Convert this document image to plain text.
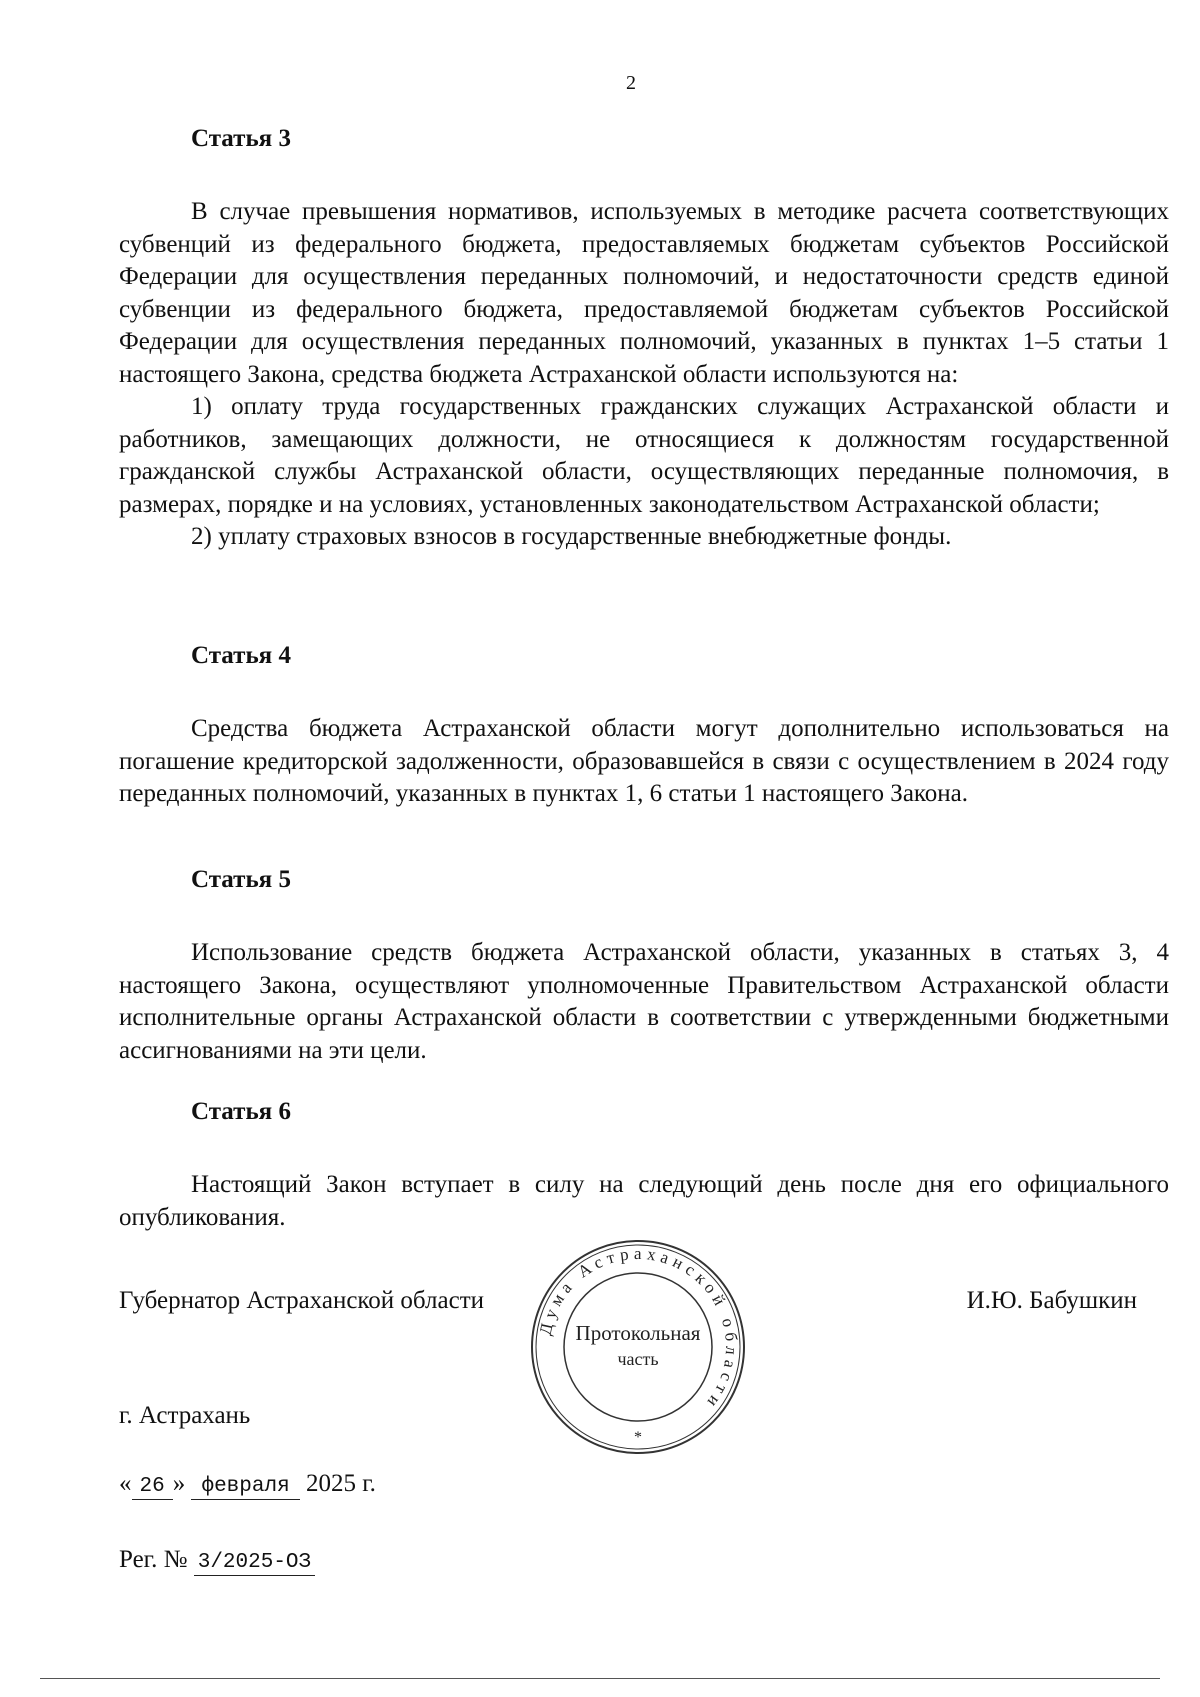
2
Статья 3

В случае превышения нормативов, используемых в методике расчета соответствующих субвенций из федерального бюджета, предоставляемых бюджетам субъектов Российской Федерации для осуществления переданных полномочий, и недостаточности средств единой субвенции из федерального бюджета, предоставляемой бюджетам субъектов Российской Федерации для осуществления переданных полномочий, указанных в пунктах 1–5 статьи 1 настоящего Закона, средства бюджета Астраханской области используются на:

1) оплату труда государственных гражданских служащих Астраханской области и работников, замещающих должности, не относящиеся к должностям государственной гражданской службы Астраханской области, осуществляющих переданные полномочия, в размерах, порядке и на условиях, установленных законодательством Астраханской области;

2) уплату страховых взносов в государственные внебюджетные фонды.

Статья 4

Средства бюджета Астраханской области могут дополнительно использоваться на погашение кредиторской задолженности, образовавшейся в связи с осуществлением в 2024 году переданных полномочий, указанных в пунктах 1, 6 статьи 1 настоящего Закона.

Статья 5

Использование средств бюджета Астраханской области, указанных в статьях 3, 4 настоящего Закона, осуществляют уполномоченные Правительством Астраханской области исполнительные органы Астраханской области в соответствии с утвержденными бюджетными ассигнованиями на эти цели.

Статья 6

Настоящий Закон вступает в силу на следующий день после дня его официального опубликования.

Губернатор Астраханской области	И.Ю. Бабушкин
Дума Астраханской области
Протокольная
часть
*
г. Астрахань
« 26 » февраля 2025 г.
Рег. № 3/2025-ОЗ
